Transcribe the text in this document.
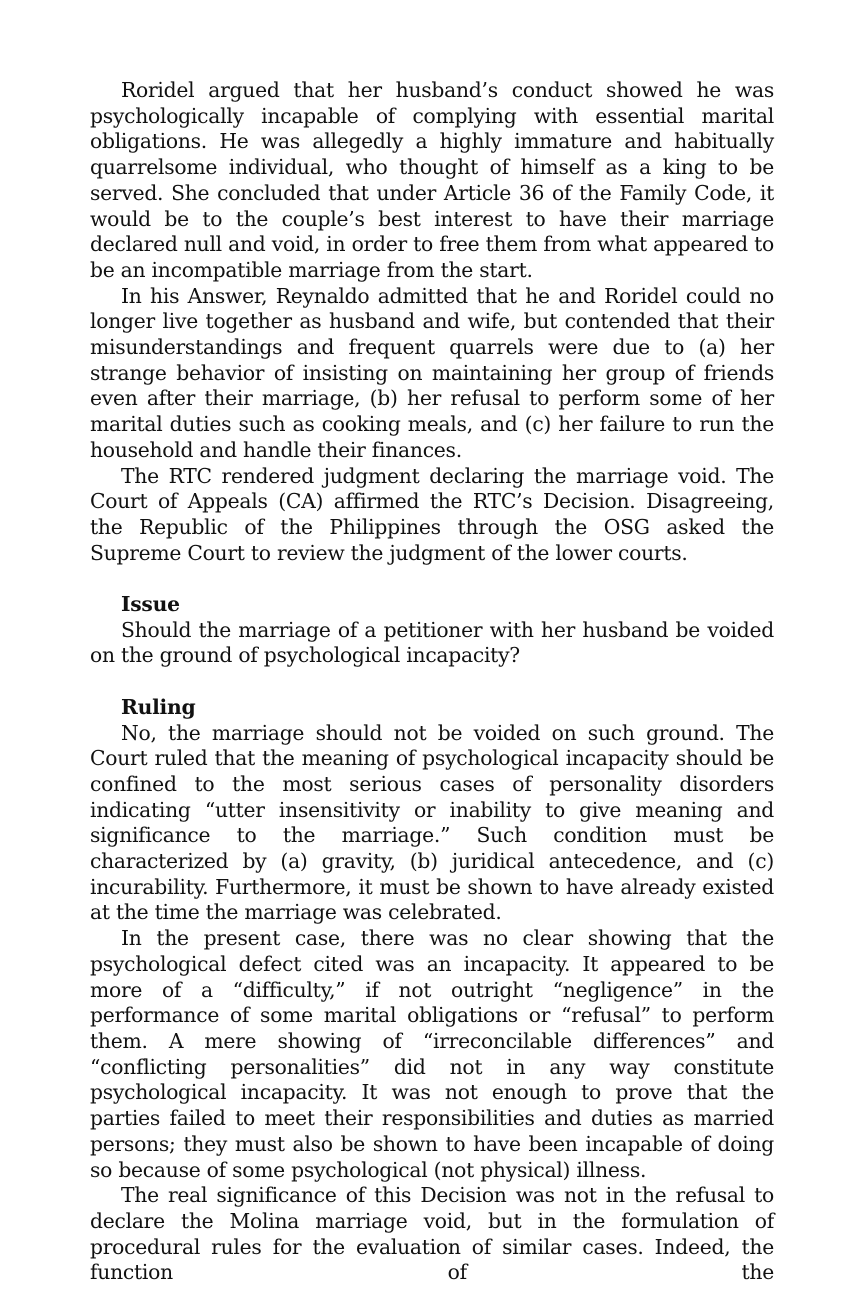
Roridel argued that her husband’s conduct showed he was psychologically incapable of complying with essential marital obligations. He was allegedly a highly immature and habitually quarrelsome individual, who thought of himself as a king to be served. She concluded that under Article 36 of the Family Code, it would be to the couple’s best interest to have their marriage declared null and void, in order to free them from what appeared to be an incompatible marriage from the start.

In his Answer, Reynaldo admitted that he and Roridel could no longer live together as husband and wife, but contended that their misunderstandings and frequent quarrels were due to (a) her strange behavior of insisting on maintaining her group of friends even after their marriage, (b) her refusal to perform some of her marital duties such as cooking meals, and (c) her failure to run the household and handle their finances.

The RTC rendered judgment declaring the marriage void. The Court of Appeals (CA) affirmed the RTC’s Decision. Disagreeing, the Republic of the Philippines through the OSG asked the Supreme Court to review the judgment of the lower courts.

Issue

Should the marriage of a petitioner with her husband be voided on the ground of psychological incapacity?

Ruling

No, the marriage should not be voided on such ground. The Court ruled that the meaning of psychological incapacity should be confined to the most serious cases of personality disorders indicating “utter insensitivity or inability to give meaning and significance to the marriage.” Such condition must be characterized by (a) gravity, (b) juridical antecedence, and (c) incurability. Furthermore, it must be shown to have already existed at the time the marriage was celebrated.

In the present case, there was no clear showing that the psychological defect cited was an incapacity. It appeared to be more of a “difficulty,” if not outright “negligence” in the performance of some marital obligations or “refusal” to perform them. A mere showing of “irreconcilable differences” and “conflicting personalities” did not in any way constitute psychological incapacity. It was not enough to prove that the parties failed to meet their responsibilities and duties as married persons; they must also be shown to have been incapable of doing so because of some psychological (not physical) illness.

The real significance of this Decision was not in the refusal to declare the Molina marriage void, but in the formulation of procedural rules for the evaluation of similar cases. Indeed, the function of the
